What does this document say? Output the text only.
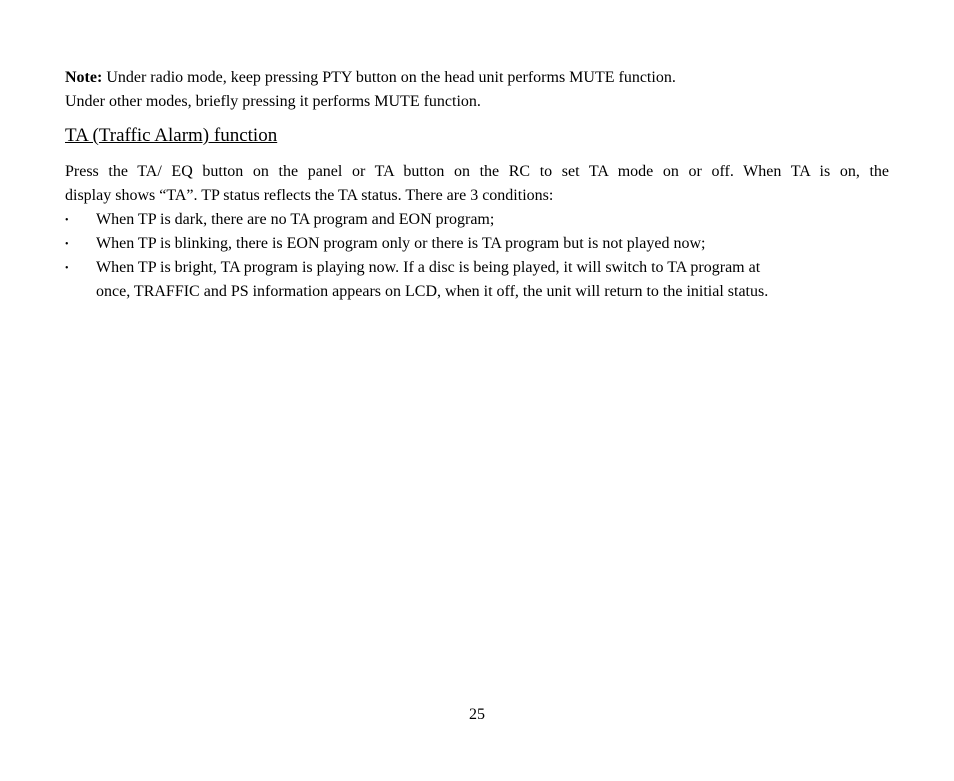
Note: Under radio mode, keep pressing PTY button on the head unit performs MUTE function.
Under other modes, briefly pressing it performs MUTE function.
TA (Traffic Alarm) function
Press the TA/ EQ button on the panel or TA button on the RC to set TA mode on or off. When TA is on, the
display shows “TA”. TP status reflects the TA status. There are 3 conditions:
• When TP is dark, there are no TA program and EON program;
• When TP is blinking, there is EON program only or there is TA program but is not played now;
• When TP is bright, TA program is playing now. If a disc is being played, it will switch to TA program at
once, TRAFFIC and PS information appears on LCD, when it off, the unit will return to the initial status.
25
